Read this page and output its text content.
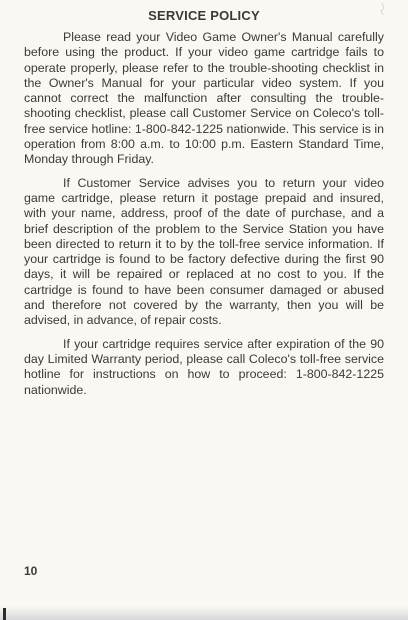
SERVICE POLICY

Please read your Video Game Owner's Manual carefully before using the product. If your video game cartridge fails to operate properly, please refer to the trouble-shooting checklist in the Owner's Manual for your particular video system. If you cannot correct the malfunction after consulting the trouble-shooting checklist, please call Customer Service on Coleco's toll-free service hotline: 1-800-842-1225 nationwide. This service is in operation from 8:00 a.m. to 10:00 p.m. Eastern Standard Time, Monday through Friday.

If Customer Service advises you to return your video game cartridge, please return it postage prepaid and insured, with your name, address, proof of the date of purchase, and a brief description of the problem to the Service Station you have been directed to return it to by the toll-free service information. If your cartridge is found to be factory defective during the first 90 days, it will be repaired or replaced at no cost to you. If the cartridge is found to have been consumer damaged or abused and therefore not covered by the warranty, then you will be advised, in advance, of repair costs.

If your cartridge requires service after expiration of the 90 day Limited Warranty period, please call Coleco's toll-free service hotline for instructions on how to proceed: 1-800-842-1225 nationwide.

10
